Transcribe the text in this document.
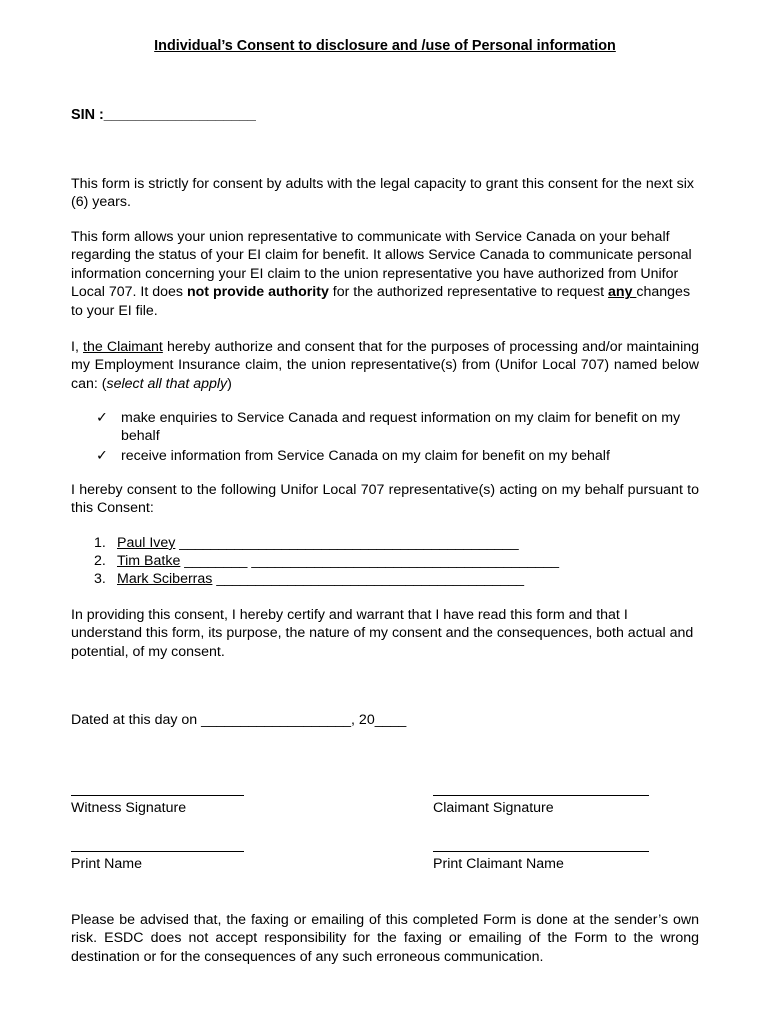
Individual’s Consent to disclosure and /use of Personal information
SIN :___________________
This form is strictly for consent by adults with the legal capacity to grant this consent for the next six (6) years.
This form allows your union representative to communicate with Service Canada on your behalf regarding the status of your EI claim for benefit. It allows Service Canada to communicate personal information concerning your EI claim to the union representative you have authorized from Unifor Local 707. It does not provide authority for the authorized representative to request any changes to your EI file.
I, the Claimant hereby authorize and consent that for the purposes of processing and/or maintaining my Employment Insurance claim, the union representative(s) from (Unifor Local 707) named below can: (select all that apply)
✓ make enquiries to Service Canada and request information on my claim for benefit on my behalf
✓ receive information from Service Canada on my claim for benefit on my behalf
I hereby consent to the following Unifor Local 707 representative(s) acting on my behalf pursuant to this Consent:
1. Paul Ivey ___________________________________________
2. Tim Batke ________ _______________________________________
3. Mark Sciberras _______________________________________
In providing this consent, I hereby certify and warrant that I have read this form and that I understand this form, its purpose, the nature of my consent and the consequences, both actual and potential, of my consent.
Dated at this day on ___________________, 20____
Witness Signature	Claimant Signature
Print Name	Print Claimant Name
Please be advised that, the faxing or emailing of this completed Form is done at the sender’s own risk. ESDC does not accept responsibility for the faxing or emailing of the Form to the wrong destination or for the consequences of any such erroneous communication.
